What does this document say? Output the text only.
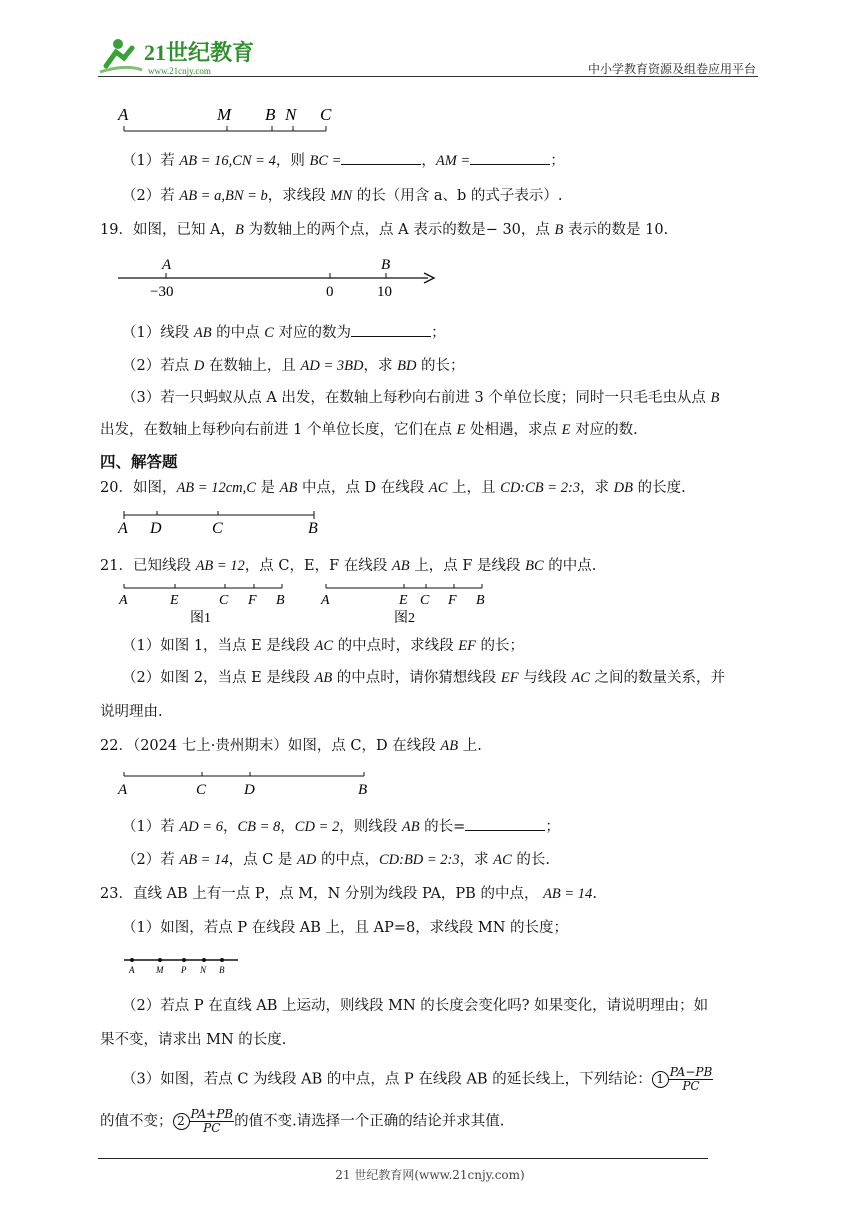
21世纪教育
www.21cnjy.com	中小学教育资源及组卷应用平台
A	M B N C
（1）若 AB = 16,CN = 4，则 BC =	，AM =	；
（2）若 AB = a,BN = b，求线段 MN 的长（用含 a、b 的式子表示）.
19．如图，已知 A，B 为数轴上的两个点，点 A 表示的数是− 30，点 B 表示的数是 10.
A	B
−30	0	10
（1）线段 AB 的中点 C 对应的数为	；
（2）若点 D 在数轴上，且 AD = 3BD，求 BD 的长；
（3）若一只蚂蚁从点 A 出发，在数轴上每秒向右前进 3 个单位长度；同时一只毛毛虫从点 B
出发，在数轴上每秒向右前进 1 个单位长度，它们在点 E 处相遇，求点 E 对应的数.
四、解答题
20．如图，AB = 12cm,C 是 AB 中点，点 D 在线段 AC 上，且 CD:CB = 2:3，求 DB 的长度.
A D	C	B
21．已知线段 AB = 12，点 C，E，F 在线段 AB 上，点 F 是线段 BC 的中点.
A	E	C F B
图1
A	E C F B
图2
（1）如图 1，当点 E 是线段 AC 的中点时，求线段 EF 的长；
（2）如图 2，当点 E 是线段 AB 的中点时，请你猜想线段 EF 与线段 AC 之间的数量关系，并
说明理由.
22．（2024 七上·贵州期末）如图，点 C，D 在线段 AB 上.
A	C	D	B
（1）若 AD = 6，CB = 8，CD = 2，则线段 AB 的长=	；
（2）若 AB = 14，点 C 是 AD 的中点，CD:BD = 2:3，求 AC 的长.
23．直线 AB 上有一点 P，点 M，N 分别为线段 PA，PB 的中点， AB = 14.
（1）如图，若点 P 在线段 AB 上，且 AP=8，求线段 MN 的长度；
A M P N B
（2）若点 P 在直线 AB 上运动，则线段 MN 的长度会变化吗? 如果变化，请说明理由；如
果不变，请求出 MN 的长度.
（3）如图，若点 C 为线段 AB 的中点，点 P 在线段 AB 的延长线上，下列结论： $1 \frac{PA-PB}{PC}$
的值不变； $2 \frac{PA+PB}{PC}$ 的值不变.请选择一个正确的结论并求其值.
21 世纪教育网(www.21cnjy.com)
